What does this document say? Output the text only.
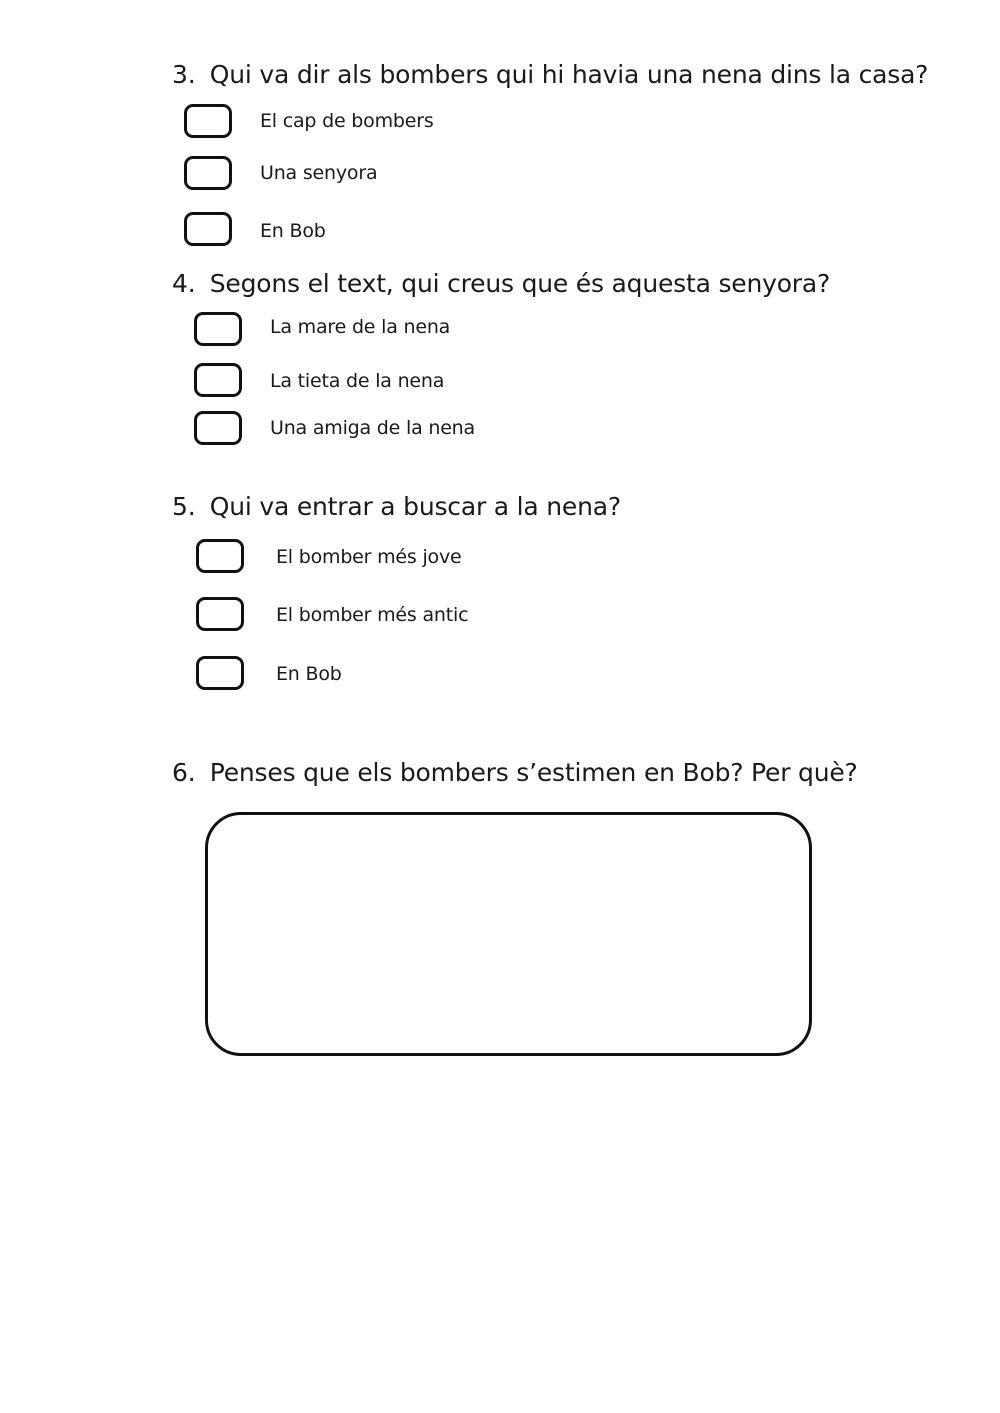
3. Qui va dir als bombers qui hi havia una nena dins la casa?
El cap de bombers
Una senyora
En Bob
4. Segons el text, qui creus que és aquesta senyora?
La mare de la nena
La tieta de la nena
Una amiga de la nena
5. Qui va entrar a buscar a la nena?
El bomber més jove
El bomber més antic
En Bob
6. Penses que els bombers s’estimen en Bob? Per què?
